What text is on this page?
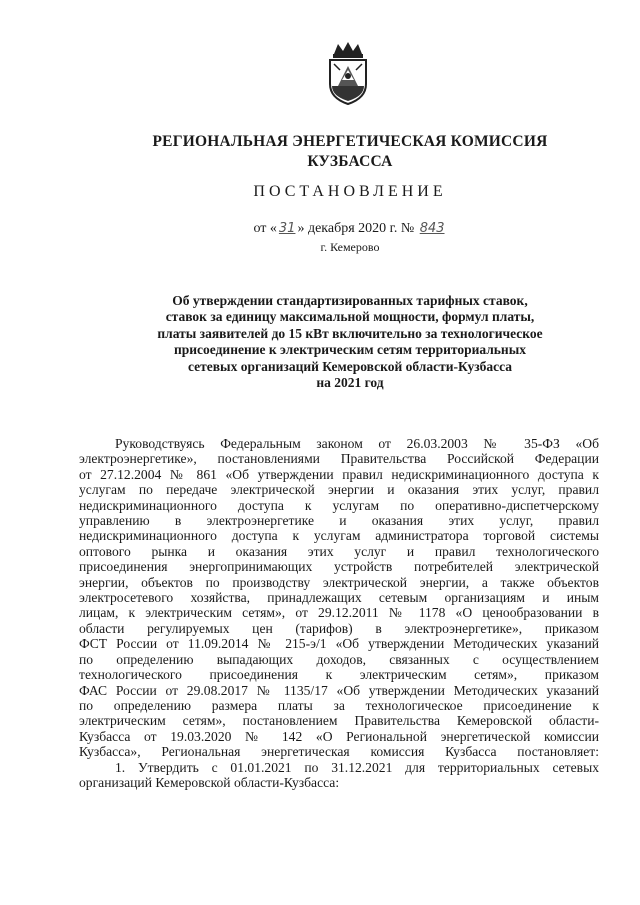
РЕГИОНАЛЬНАЯ ЭНЕРГЕТИЧЕСКАЯ КОМИССИЯ
КУЗБАССА
ПОСТАНОВЛЕНИЕ
от « 31 » декабря 2020 г. № 843
г. Кемерово
Об утверждении стандартизированных тарифных ставок,
ставок за единицу максимальной мощности, формул платы,
платы заявителей до 15 кВт включительно за технологическое
присоединение к электрическим сетям территориальных
сетевых организаций Кемеровской области-Кузбасса
на 2021 год
Руководствуясь Федеральным законом от 26.03.2003 № 35-ФЗ «Об
электроэнергетике», постановлениями Правительства Российской Федерации
от 27.12.2004 № 861 «Об утверждении правил недискриминационного доступа к
услугам по передаче электрической энергии и оказания этих услуг, правил
недискриминационного доступа к услугам по оперативно-диспетчерскому
управлению в электроэнергетике и оказания этих услуг, правил
недискриминационного доступа к услугам администратора торговой системы
оптового рынка и оказания этих услуг и правил технологического
присоединения энергопринимающих устройств потребителей электрической
энергии, объектов по производству электрической энергии, а также объектов
электросетевого хозяйства, принадлежащих сетевым организациям и иным
лицам, к электрическим сетям», от 29.12.2011 № 1178 «О ценообразовании в
области регулируемых цен (тарифов) в электроэнергетике», приказом
ФСТ России от 11.09.2014 № 215-э/1 «Об утверждении Методических указаний
по определению выпадающих доходов, связанных с осуществлением
технологического присоединения к электрическим сетям», приказом
ФАС России от 29.08.2017 № 1135/17 «Об утверждении Методических указаний
по определению размера платы за технологическое присоединение к
электрическим сетям», постановлением Правительства Кемеровской области-
Кузбасса от 19.03.2020 № 142 «О Региональной энергетической комиссии
Кузбасса», Региональная энергетическая комиссия Кузбасса постановляет:
1. Утвердить с 01.01.2021 по 31.12.2021 для территориальных сетевых
организаций Кемеровской области-Кузбасса:
